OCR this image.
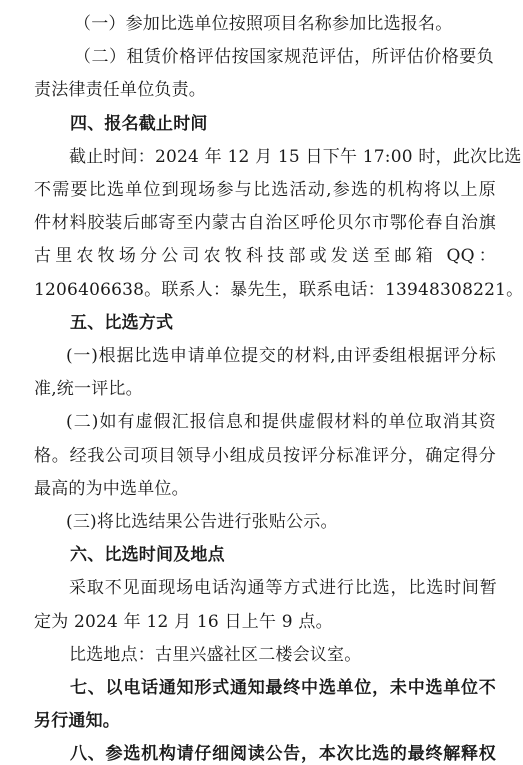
（一）参加比选单位按照项目名称参加比选报名。
（二）租赁价格评估按国家规范评估，所评估价格要负
责法律责任单位负责。
四、报名截止时间
截止时间：2024 年 12 月 15 日下午 17:00 时，此次比选
不需要比选单位到现场参与比选活动,参选的机构将以上原
件材料胶装后邮寄至内蒙古自治区呼伦贝尔市鄂伦春自治旗
古里农牧场分公司农牧科技部或发送至邮箱 QQ：
1206406638。联系人：暴先生，联系电话：13948308221。
五、比选方式
(一)根据比选申请单位提交的材料,由评委组根据评分标
准,统一评比。
(二)如有虚假汇报信息和提供虚假材料的单位取消其资
格。经我公司项目领导小组成员按评分标准评分，确定得分
最高的为中选单位。
(三)将比选结果公告进行张贴公示。
六、比选时间及地点
采取不见面现场电话沟通等方式进行比选，比选时间暂
定为 2024 年 12 月 16 日上午 9 点。
比选地点：古里兴盛社区二楼会议室。
七、以电话通知形式通知最终中选单位，未中选单位不
另行通知。
八、参选机构请仔细阅读公告，本次比选的最终解释权
